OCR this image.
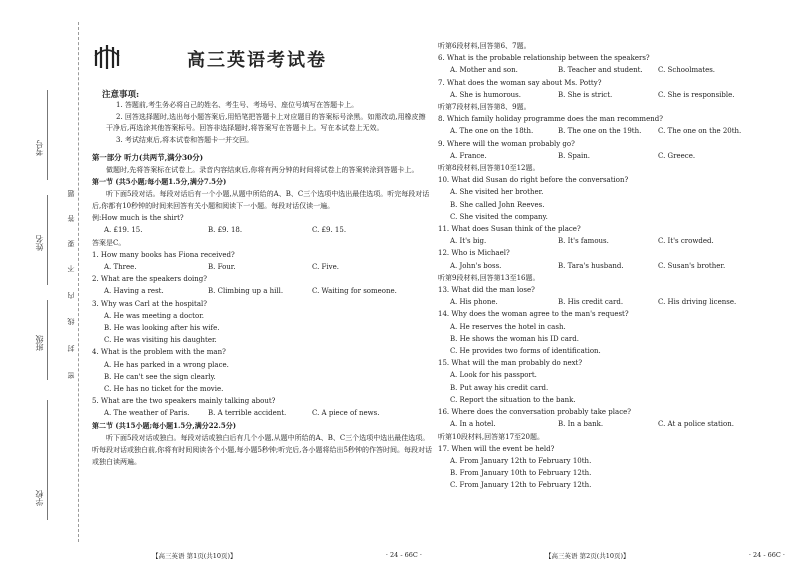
考号
姓名
班级
学校
题
答
要
不
内
线
封
密
高三英语考试卷
注意事项:
1. 答题前,考生务必将自己的姓名、考生号、考场号、座位号填写在答题卡上。
2. 回答选择题时,选出每小题答案后,用铅笔把答题卡上对应题目的答案标号涂黑。如需改动,用橡皮擦干净后,再选涂其他答案标号。回答非选择题时,将答案写在答题卡上。写在本试卷上无效。
3. 考试结束后,将本试卷和答题卡一并交回。
第一部分 听力(共两节,满分30分)
做题时,先将答案标在试卷上。录音内容结束后,你将有两分钟的时间将试卷上的答案转涂到答题卡上。
第一节 (共5小题;每小题1.5分,满分7.5分)
听下面5段对话。每段对话后有一个小题,从题中所给的A、B、C三个选项中选出最佳选项。听完每段对话后,你都有10秒钟的时间来回答有关小题和阅读下一小题。每段对话仅读一遍。
例:How much is the shirt?
A. £19. 15.	B. £9. 18.	C. £9. 15.
答案是C。
1. How many books has Fiona received?
A. Three.	B. Four.	C. Five.
2. What are the speakers doing?
A. Having a rest.	B. Climbing up a hill.	C. Waiting for someone.
3. Why was Carl at the hospital?
A. He was meeting a doctor.
B. He was looking after his wife.
C. He was visiting his daughter.
4. What is the problem with the man?
A. He has parked in a wrong place.
B. He can't see the sign clearly.
C. He has no ticket for the movie.
5. What are the two speakers mainly talking about?
A. The weather of Paris.	B. A terrible accident.	C. A piece of news.
第二节 (共15小题;每小题1.5分,满分22.5分)
听下面5段对话或独白。每段对话或独白后有几个小题,从题中所给的A、B、C三个选项中选出最佳选项。听每段对话或独白前,你将有时间阅读各个小题,每小题5秒钟;听完后,各小题将给出5秒钟的作答时间。每段对话或独白读两遍。
听第6段材料,回答第6、7题。
6. What is the probable relationship between the speakers?
A. Mother and son.	B. Teacher and student.	C. Schoolmates.
7. What does the woman say about Ms. Potty?
A. She is humorous.	B. She is strict.	C. She is responsible.
听第7段材料,回答第8、9题。
8. Which family holiday programme does the man recommend?
A. The one on the 18th.	B. The one on the 19th.	C. The one on the 20th.
9. Where will the woman probably go?
A. France.	B. Spain.	C. Greece.
听第8段材料,回答第10至12题。
10. What did Susan do right before the conversation?
A. She visited her brother.
B. She called John Reeves.
C. She visited the company.
11. What does Susan think of the place?
A. It's big.	B. It's famous.	C. It's crowded.
12. Who is Michael?
A. John's boss.	B. Tara's husband.	C. Susan's brother.
听第9段材料,回答第13至16题。
13. What did the man lose?
A. His phone.	B. His credit card.	C. His driving license.
14. Why does the woman agree to the man's request?
A. He reserves the hotel in cash.
B. He shows the woman his ID card.
C. He provides two forms of identification.
15. What will the man probably do next?
A. Look for his passport.
B. Put away his credit card.
C. Report the situation to the bank.
16. Where does the conversation probably take place?
A. In a hotel.	B. In a bank.	C. At a police station.
听第10段材料,回答第17至20题。
17. When will the event be held?
A. From January 12th to February 10th.
B. From January 10th to February 12th.
C. From January 12th to February 12th.
【高三英语 第1页(共10页)】	· 24 - 66C ·	【高三英语 第2页(共10页)】	· 24 - 66C ·
